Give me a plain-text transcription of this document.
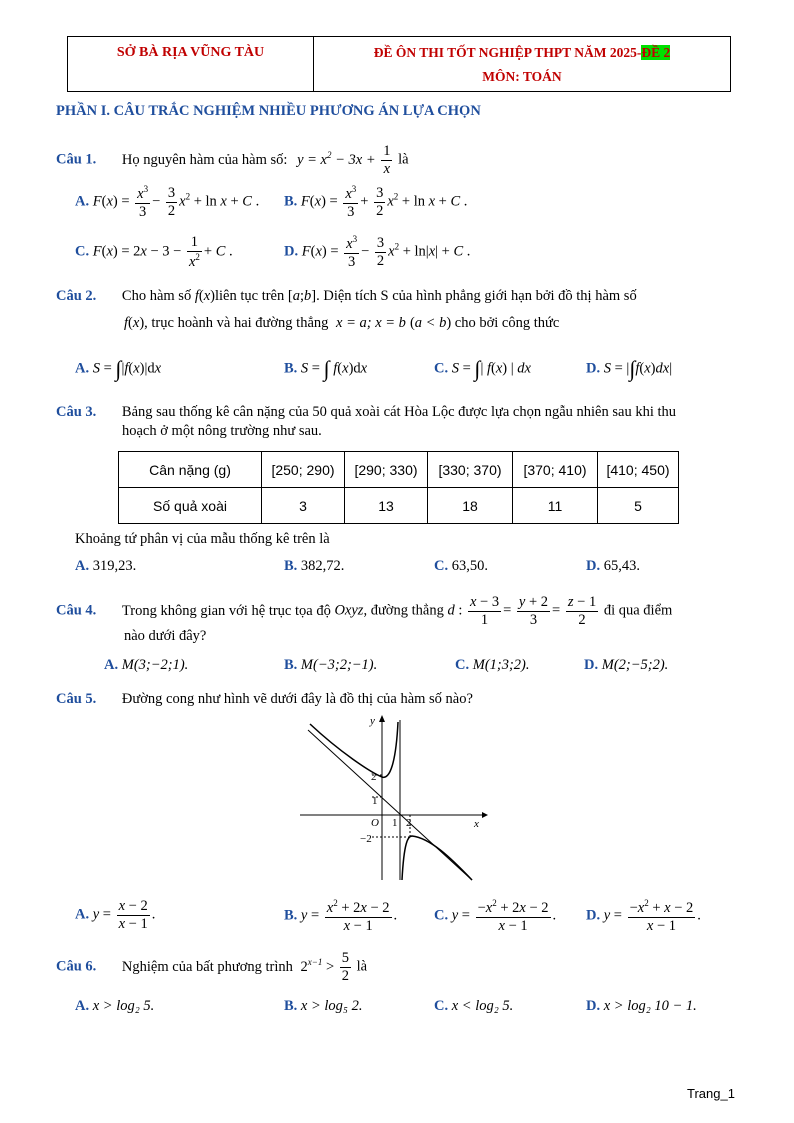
SỞ BÀ RỊA VŨNG TÀU	ĐỀ ÔN THI TỐT NGHIỆP THPT NĂM 2025-ĐỀ 2
MÔN: TOÁN
PHẦN I. CÂU TRẮC NGHIỆM NHIỀU PHƯƠNG ÁN LỰA CHỌN
Câu 1. Họ nguyên hàm của hàm số: $y = x^2 - 3x + \frac{1}{x}$ là
A. $F(x) = \frac{x^3}{3} - \frac{3}{2} x^2 + \ln x + C$ . B. $F(x) = \frac{x^3}{3} + \frac{3}{2} x^2 + \ln x + C$ .
C. $F(x) = 2x - 3 - \frac{1}{x^2} + C$ .	D. $F(x) = \frac{x^3}{3} - \frac{3}{2} x^2 + \ln|x| + C$ .
Câu 2. Cho hàm số f(x)liên tục trên [a;b]. Diện tích S của hình phẳng giới hạn bởi đồ thị hàm số
f(x), trục hoành và hai đường thẳng x = a; x = b (a < b) cho bởi công thức
A. S = ∫|f(x)|dx	B. S = ∫ f(x)dx	C. S = ∫| f(x) | dx	D. S = |∫f(x)dx|
Câu 3. Bảng sau thống kê cân nặng của 50 quả xoài cát Hòa Lộc được lựa chọn ngẫu nhiên sau khi thu
hoạch ở một nông trường như sau.
Cân nặng (g)	[250; 290)	[290; 330)	[330; 370)	[370; 410)	[410; 450)
Số quả xoài	3	13	18	11	5
Khoảng tứ phân vị của mẫu thống kê trên là
A. 319,23.	B. 382,72.	C. 63,50.	D. 65,43.
Câu 4. Trong không gian với hệ trục tọa độ Oxyz, đường thẳng d : $\frac{x - 3}{1} = \frac{y + 2}{3} = \frac{z - 1}{2}$ đi qua điểm
nào dưới đây?
A. M(3;−2;1).	B. M(−3;2;−1).	C. M(1;3;2).	D. M(2;−5;2).
Câu 5. Đường cong như hình vẽ dưới đây là đồ thị của hàm số nào?
y
x
O
2
1
−2
1 2
A. $y = \frac{x - 2}{x - 1}$ .	B. $y = \frac{x^2 + 2x - 2}{x - 1}$ .	C. $y = \frac{-x^2 + 2x - 2}{x - 1}$ . D. $y = \frac{-x^2 + x - 2}{x - 1}$ .
Câu 6. Nghiệm của bất phương trình $2^{x-1} > \frac{5}{2}$ là
A. x > log₂ 5.	B. x > log₅ 2.	C. x < log₂ 5.	D. x > log₂ 10 − 1.
Trang_1
